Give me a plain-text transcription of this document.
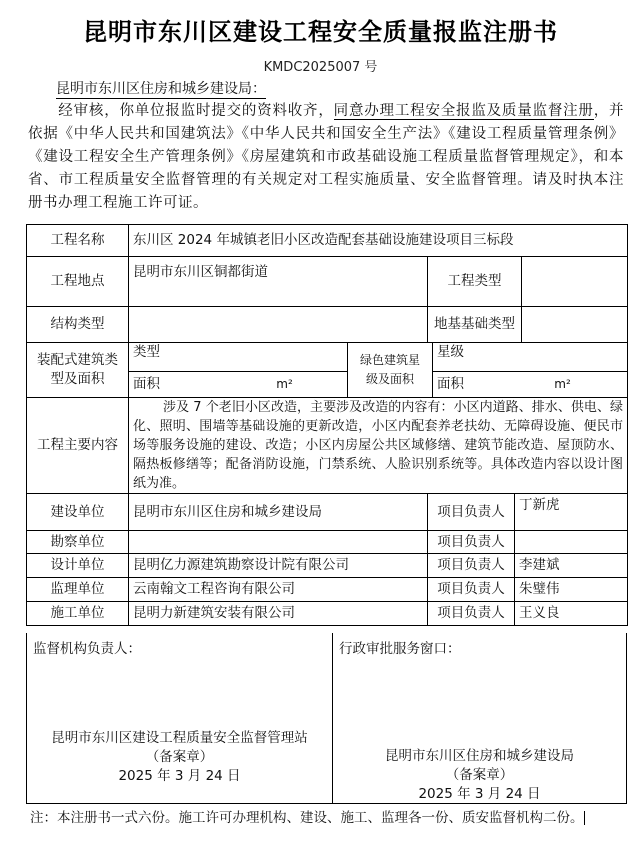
昆明市东川区建设工程安全质量报监注册书
KMDC2025007 号
昆明市东川区住房和城乡建设局：
经审核，你单位报监时提交的资料收齐，同意办理工程安全报监及质量监督注册，并依据《中华人民共和国建筑法》《中华人民共和国安全生产法》《建设工程质量管理条例》《建设工程安全生产管理条例》《房屋建筑和市政基础设施工程质量监督管理规定》，和本省、市工程质量安全监督管理的有关规定对工程实施质量、安全监督管理。请及时执本注册书办理工程施工许可证。
工程名称	东川区 2024 年城镇老旧小区改造配套基础设施建设项目三标段					
工程地点	昆明市东川区铜都街道		工程类型			
结构类型			地基基础类型			
装配式建筑类型及面积	类型	绿色建筑星级及面积		星级		
	面积 m²			面积 m²		
工程主要内容	涉及 7 个老旧小区改造，主要涉及改造的内容有：小区内道路、排水、供电、绿化、照明、围墙等基础设施的更新改造，小区内配套养老扶幼、无障碍设施、便民市场等服务设施的建设、改造；小区内房屋公共区域修缮、建筑节能改造、屋顶防水、隔热板修缮等；配备消防设施，门禁系统、人脸识别系统等。具体改造内容以设计图纸为准。					
建设单位	昆明市东川区住房和城乡建设局		项目负责人		丁新虎	
勘察单位			项目负责人			
设计单位	昆明亿力源建筑勘察设计院有限公司		项目负责人		李建斌	
监理单位	云南翰文工程咨询有限公司		项目负责人		朱璧伟	
施工单位	昆明力新建筑安装有限公司		项目负责人		王义良	
监督机构负责人：	行政审批服务窗口：
昆明市东川区建设工程质量安全监督管理站
（备案章）
2025 年 3 月 24 日
昆明市东川区住房和城乡建设局
（备案章）
2025 年 3 月 24 日
注：本注册书一式六份。施工许可办理机构、建设、施工、监理各一份、质安监督机构二份。
